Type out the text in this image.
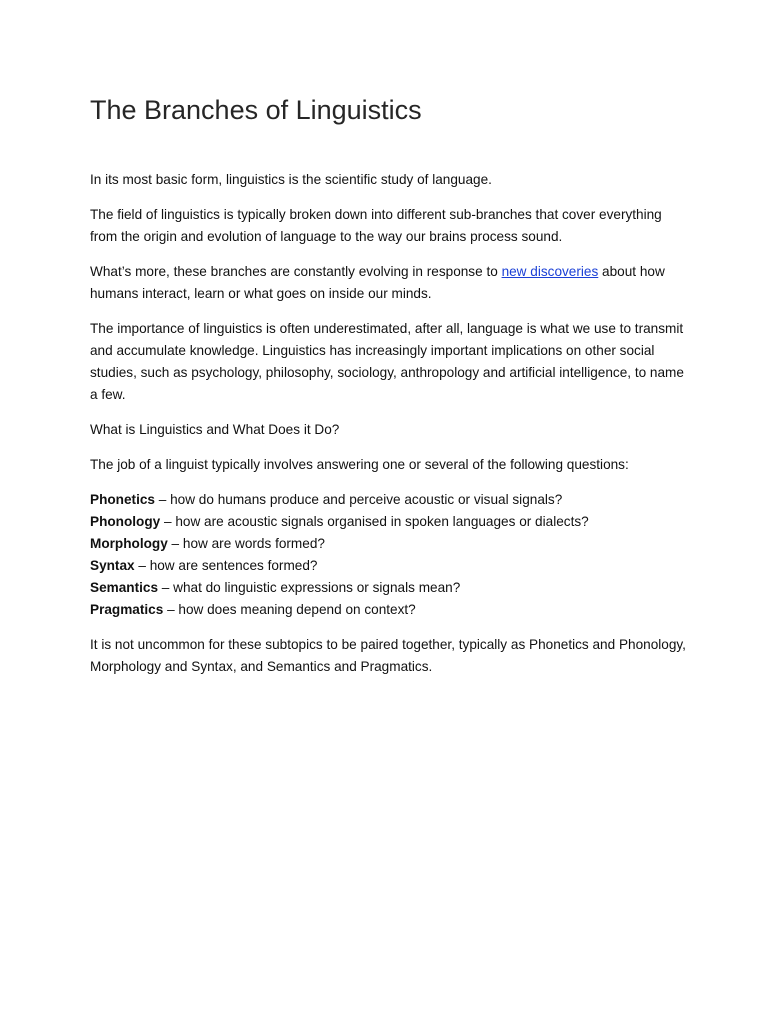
The Branches of Linguistics

In its most basic form, linguistics is the scientific study of language.

The field of linguistics is typically broken down into different sub-branches that cover everything from the origin and evolution of language to the way our brains process sound.

What’s more, these branches are constantly evolving in response to new discoveries about how humans interact, learn or what goes on inside our minds.

The importance of linguistics is often underestimated, after all, language is what we use to transmit and accumulate knowledge. Linguistics has increasingly important implications on other social studies, such as psychology, philosophy, sociology, anthropology and artificial intelligence, to name a few.

What is Linguistics and What Does it Do?

The job of a linguist typically involves answering one or several of the following questions:

Phonetics – how do humans produce and perceive acoustic or visual signals?
Phonology – how are acoustic signals organised in spoken languages or dialects?
Morphology – how are words formed?
Syntax – how are sentences formed?
Semantics – what do linguistic expressions or signals mean?
Pragmatics – how does meaning depend on context?

It is not uncommon for these subtopics to be paired together, typically as Phonetics and Phonology, Morphology and Syntax, and Semantics and Pragmatics.
